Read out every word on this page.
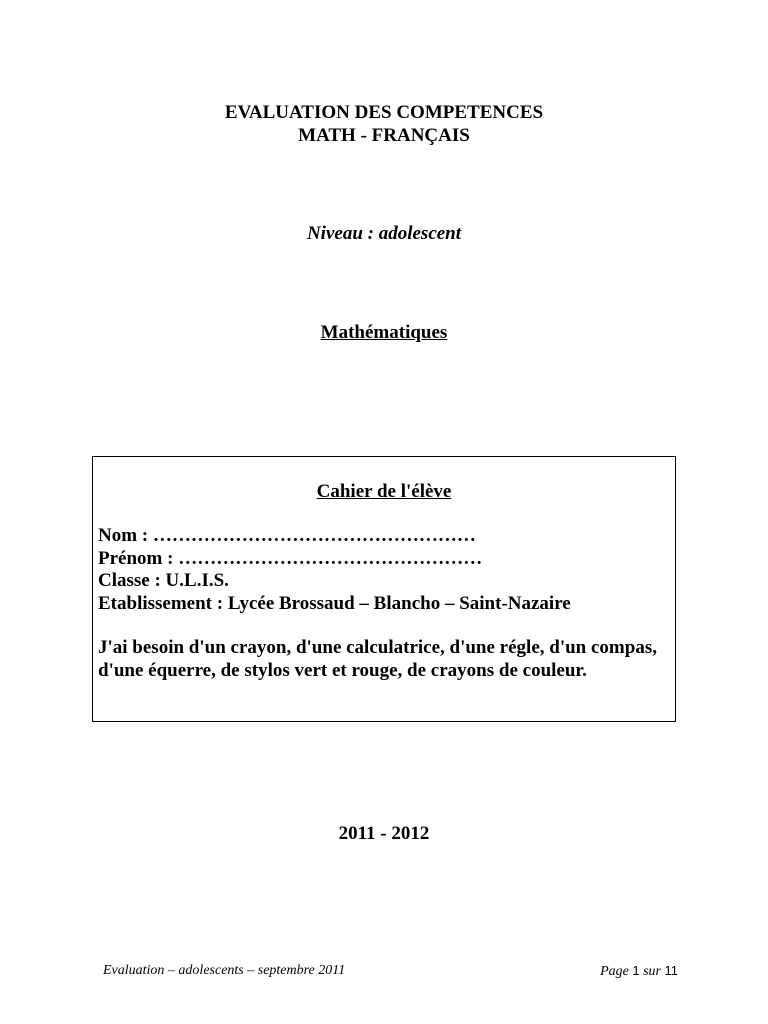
EVALUATION DES COMPETENCES
MATH - FRANÇAIS
Niveau : adolescent
Mathématiques
Cahier de l'élève
Nom : ……………………………………………
Prénom : …………………………………………
Classe : U.L.I.S.
Etablissement : Lycée Brossaud – Blancho – Saint-Nazaire
J'ai besoin d'un crayon, d'une calculatrice, d'une régle, d'un compas, d'une équerre, de stylos vert et rouge, de crayons de couleur.
2011 - 2012
Evaluation – adolescents – septembre 2011	Page 1 sur 11
